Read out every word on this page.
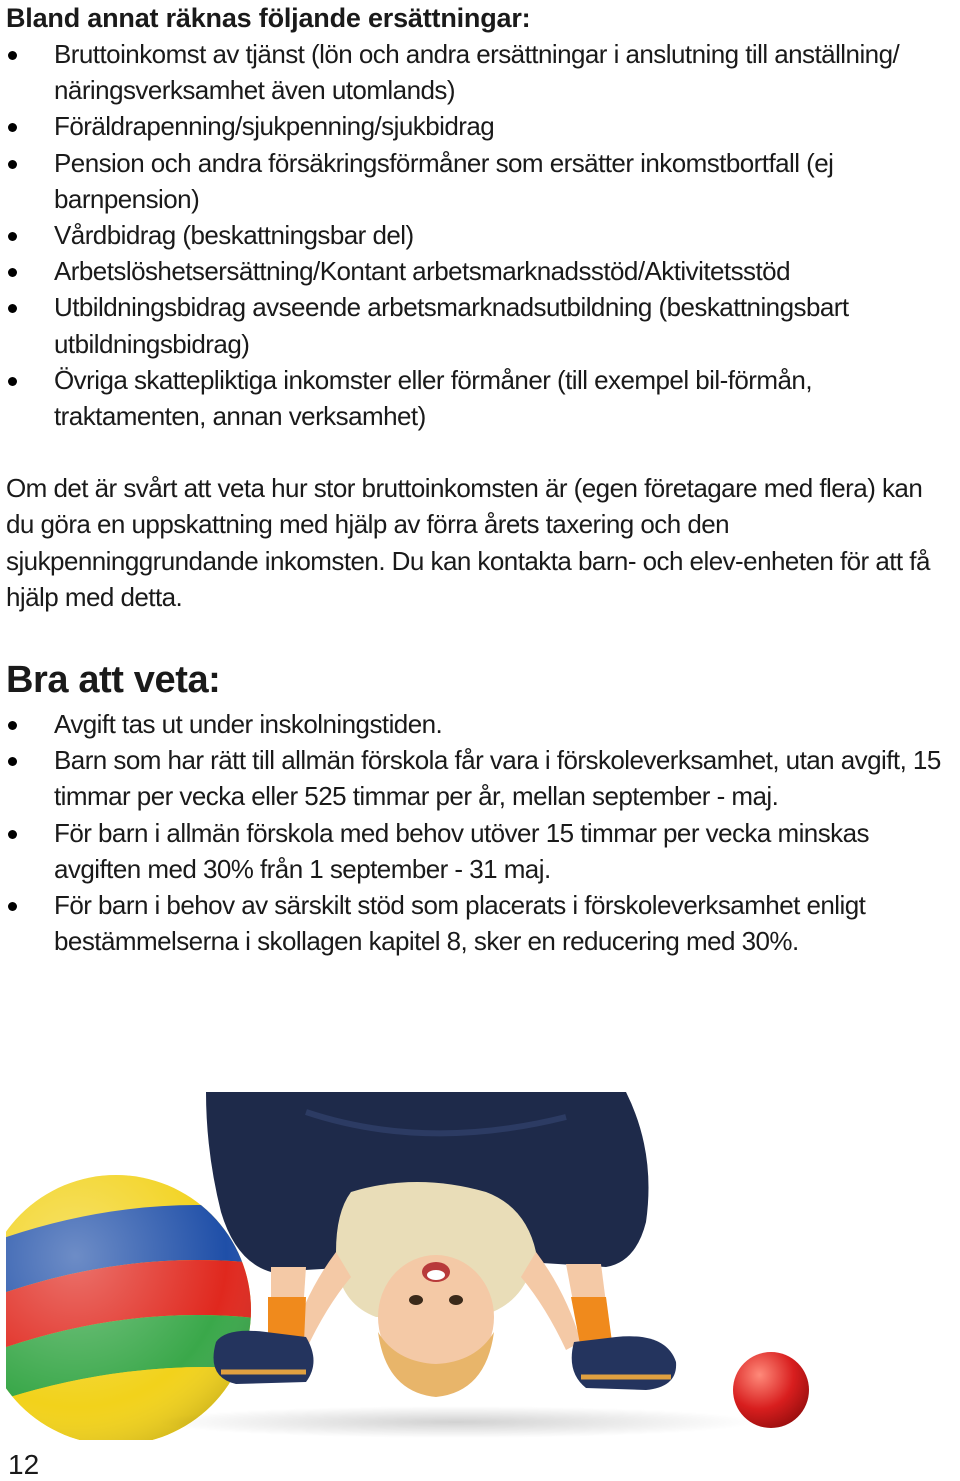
Bland annat räknas följande ersättningar:
Bruttoinkomst av tjänst (lön och andra ersättningar i anslutning till anställning/ näringsverksamhet även utomlands)
Föräldrapenning/sjukpenning/sjukbidrag
Pension och andra försäkringsförmåner som ersätter inkomstbortfall (ej barnpension)
Vårdbidrag (beskattningsbar del)
Arbetslöshetsersättning/Kontant arbetsmarknadsstöd/Aktivitetsstöd
Utbildningsbidrag avseende arbetsmarknadsutbildning (beskattningsbart utbildningsbidrag)
Övriga skattepliktiga inkomster eller förmåner (till exempel bil-förmån, traktamenten, annan verksamhet)

Om det är svårt att veta hur stor bruttoinkomsten är (egen företagare med flera) kan du göra en uppskattning med hjälp av förra årets taxering och den sjukpenninggrundande inkomsten. Du kan kontakta barn- och elev-enheten för att få hjälp med detta.

Bra att veta:
Avgift tas ut under inskolningstiden.
Barn som har rätt till allmän förskola får vara i förskoleverksamhet, utan avgift, 15 timmar per vecka eller 525 timmar per år, mellan september - maj.
För barn i allmän förskola med behov utöver 15 timmar per vecka minskas avgiften med 30% från 1 september - 31 maj.
För barn i behov av särskilt stöd som placerats i förskoleverksamhet enligt bestämmelserna i skollagen kapitel 8, sker en reducering med 30%.
12
